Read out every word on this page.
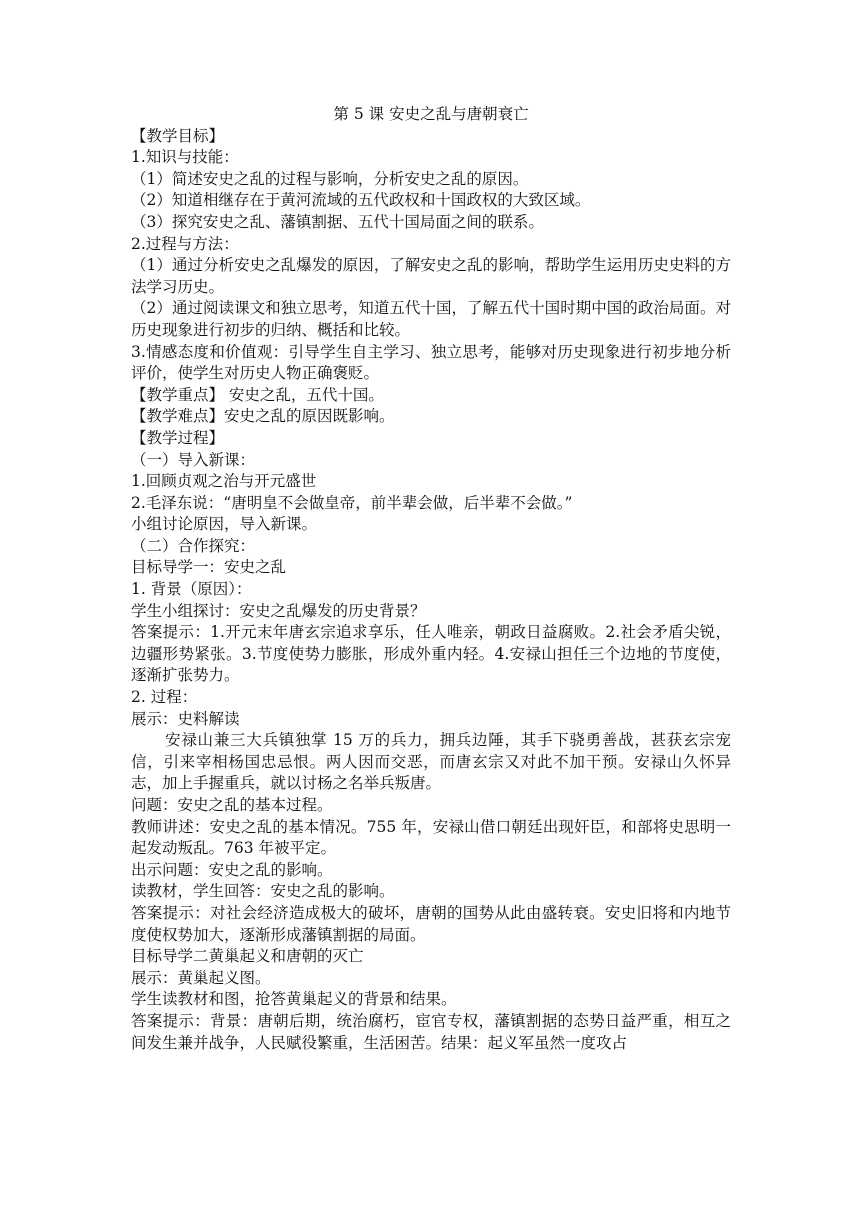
第 5 课 安史之乱与唐朝衰亡

【教学目标】

1.知识与技能：

（1）简述安史之乱的过程与影响，分析安史之乱的原因。

（2）知道相继存在于黄河流域的五代政权和十国政权的大致区域。

（3）探究安史之乱、藩镇割据、五代十国局面之间的联系。

2.过程与方法：

（1）通过分析安史之乱爆发的原因，了解安史之乱的影响，帮助学生运用历史史料的方法学习历史。

（2）通过阅读课文和独立思考，知道五代十国，了解五代十国时期中国的政治局面。对历史现象进行初步的归纳、概括和比较。

3.情感态度和价值观：引导学生自主学习、独立思考，能够对历史现象进行初步地分析评价，使学生对历史人物正确褒贬。

【教学重点】 安史之乱，五代十国。

【教学难点】安史之乱的原因既影响。

【教学过程】

（一）导入新课：

1.回顾贞观之治与开元盛世

2.毛泽东说：“唐明皇不会做皇帝，前半辈会做，后半辈不会做。”

小组讨论原因，导入新课。

（二）合作探究：

目标导学一：安史之乱

1. 背景（原因）：

学生小组探讨：安史之乱爆发的历史背景？

答案提示：1.开元末年唐玄宗追求享乐，任人唯亲，朝政日益腐败。2.社会矛盾尖锐，边疆形势紧张。3.节度使势力膨胀，形成外重内轻。4.安禄山担任三个边地的节度使，逐渐扩张势力。

2. 过程：

展示：史料解读

安禄山兼三大兵镇独掌 15 万的兵力，拥兵边陲，其手下骁勇善战，甚获玄宗宠信，引来宰相杨国忠忌恨。两人因而交恶，而唐玄宗又对此不加干预。安禄山久怀异志，加上手握重兵，就以讨杨之名举兵叛唐。

问题：安史之乱的基本过程。

教师讲述：安史之乱的基本情况。755 年，安禄山借口朝廷出现奸臣，和部将史思明一起发动叛乱。763 年被平定。

出示问题：安史之乱的影响。

读教材，学生回答：安史之乱的影响。

答案提示：对社会经济造成极大的破坏，唐朝的国势从此由盛转衰。安史旧将和内地节度使权势加大，逐渐形成藩镇割据的局面。

目标导学二黄巢起义和唐朝的灭亡

展示：黄巢起义图。

学生读教材和图，抢答黄巢起义的背景和结果。

答案提示：背景：唐朝后期，统治腐朽，宦官专权，藩镇割据的态势日益严重，相互之间发生兼并战争，人民赋役繁重，生活困苦。结果：起义军虽然一度攻占
